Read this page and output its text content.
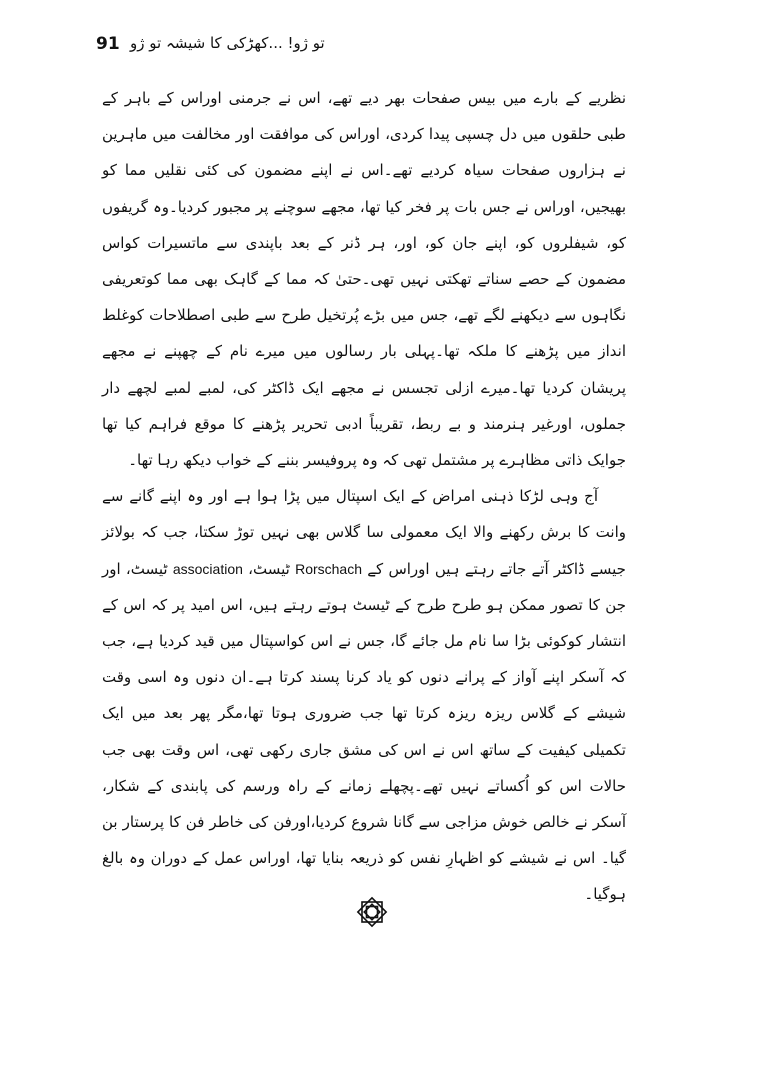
91 تو ژو! ...کھڑکی کا شیشہ تو ژو

نظریے کے بارے میں بیس صفحات بھر دیے تھے، اس نے جرمنی اوراس کے باہر کے طبی حلقوں میں دل چسپی پیدا کردی، اوراس کی موافقت اور مخالفت میں ماہرین نے ہزاروں صفحات سیاہ کردیے تھے۔اس نے اپنے مضمون کی کئی نقلیں مما کو بھیجیں، اوراس نے جس بات پر فخر کیا تھا، مجھے سوچنے پر مجبور کردیا۔وہ گریفوں کو، شیفلروں کو، اپنے جان کو، اور، ہر ڈنر کے بعد باپندی سے ماتسیرات کواس مضمون کے حصے سناتے تھکتی نہیں تھی۔حتیٰ کہ مما کے گاہک بھی مما کوتعریفی نگاہوں سے دیکھنے لگے تھے، جس میں بڑے پُرتخیل طرح سے طبی اصطلاحات کوغلط انداز میں پڑھنے کا ملکہ تھا۔پہلی بار رسالوں میں میرے نام کے چھپنے نے مجھے پریشان کردیا تھا۔میرے ازلی تجسس نے مجھے ایک ڈاکٹر کی، لمبے لمبے لچھے دار جملوں، اورغیر ہنرمند و بے ربط، تقریباً ادبی تحریر پڑھنے کا موقع فراہم کیا تھا جوایک ذاتی مظاہرے پر مشتمل تھی کہ وہ پروفیسر بننے کے خواب دیکھ رہا تھا۔

آج وہی لڑکا ذہنی امراض کے ایک اسپتال میں پڑا ہوا ہے اور وہ اپنے گانے سے وانت کا برش رکھنے والا ایک معمولی سا گلاس بھی نہیں توڑ سکتا، جب کہ بولائز جیسے ڈاکٹر آتے جاتے رہتے ہیں اوراس کے Rorschach ٹیسٹ، association ٹیسٹ، اور جن کا تصور ممکن ہو طرح طرح کے ٹیسٹ ہوتے رہتے ہیں، اس امید پر کہ اس کے انتشار کوکوئی بڑا سا نام مل جائے گا، جس نے اس کواسپتال میں قید کردیا ہے، جب کہ آسکر اپنے آواز کے پرانے دنوں کو یاد کرنا پسند کرتا ہے۔ان دنوں وہ اسی وقت شیشے کے گلاس ریزہ ریزہ کرتا تھا جب ضروری ہوتا تھا،مگر پھر بعد میں ایک تکمیلی کیفیت کے ساتھ اس نے اس کی مشق جاری رکھی تھی، اس وقت بھی جب حالات اس کو اُکساتے نہیں تھے۔پچھلے زمانے کے راہ ورسم کی پابندی کے شکار، آسکر نے خالص خوش مزاجی سے گانا شروع کردیا،اورفن کی خاطر فن کا پرستار بن گیا۔ اس نے شیشے کو اظہارِ نفس کو ذریعہ بنایا تھا، اوراس عمل کے دوران وہ بالغ ہوگیا۔
